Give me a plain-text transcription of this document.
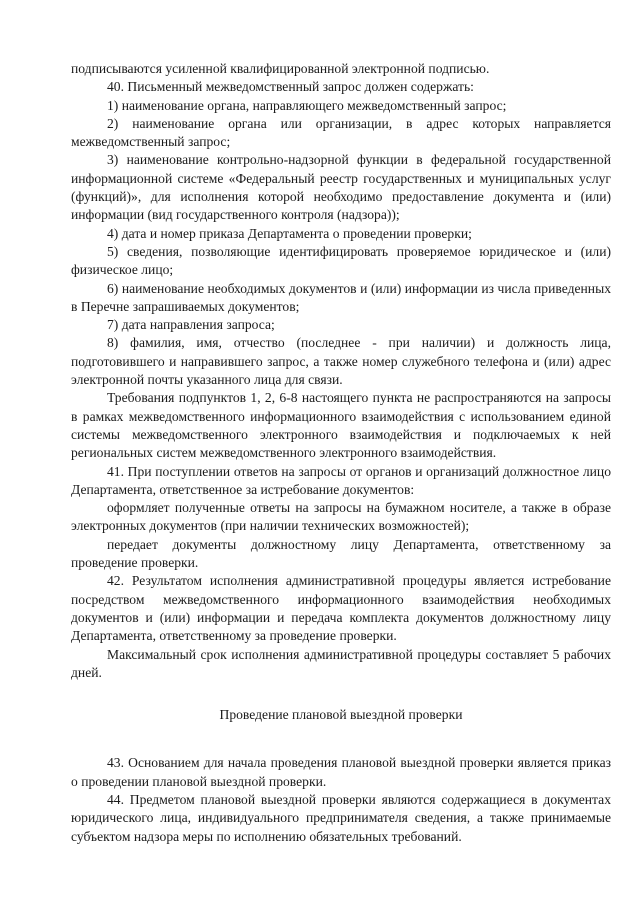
подписываются усиленной квалифицированной электронной подписью.

40. Письменный межведомственный запрос должен содержать:

1) наименование органа, направляющего межведомственный запрос;

2) наименование органа или организации, в адрес которых направляется межведомственный запрос;

3) наименование контрольно-надзорной функции в федеральной государственной информационной системе «Федеральный реестр государственных и муниципальных услуг (функций)», для исполнения которой необходимо предоставление документа и (или) информации (вид государственного контроля (надзора));

4) дата и номер приказа Департамента о проведении проверки;

5) сведения, позволяющие идентифицировать проверяемое юридическое и (или) физическое лицо;

6) наименование необходимых документов и (или) информации из числа приведенных в Перечне запрашиваемых документов;

7) дата направления запроса;

8) фамилия, имя, отчество (последнее - при наличии) и должность лица, подготовившего и направившего запрос, а также номер служебного телефона и (или) адрес электронной почты указанного лица для связи.

Требования подпунктов 1, 2, 6-8 настоящего пункта не распространяются на запросы в рамках межведомственного информационного взаимодействия с использованием единой системы межведомственного электронного взаимодействия и подключаемых к ней региональных систем межведомственного электронного взаимодействия.

41. При поступлении ответов на запросы от органов и организаций должностное лицо Департамента, ответственное за истребование документов:

оформляет полученные ответы на запросы на бумажном носителе, а также в образе электронных документов (при наличии технических возможностей);

передает документы должностному лицу Департамента, ответственному за проведение проверки.

42. Результатом исполнения административной процедуры является истребование посредством межведомственного информационного взаимодействия необходимых документов и (или) информации и передача комплекта документов должностному лицу Департамента, ответственному за проведение проверки.

Максимальный срок исполнения административной процедуры составляет 5 рабочих дней.

Проведение плановой выездной проверки

43. Основанием для начала проведения плановой выездной проверки является приказ о проведении плановой выездной проверки.

44. Предметом плановой выездной проверки являются содержащиеся в документах юридического лица, индивидуального предпринимателя сведения, а также принимаемые субъектом надзора меры по исполнению обязательных требований.
